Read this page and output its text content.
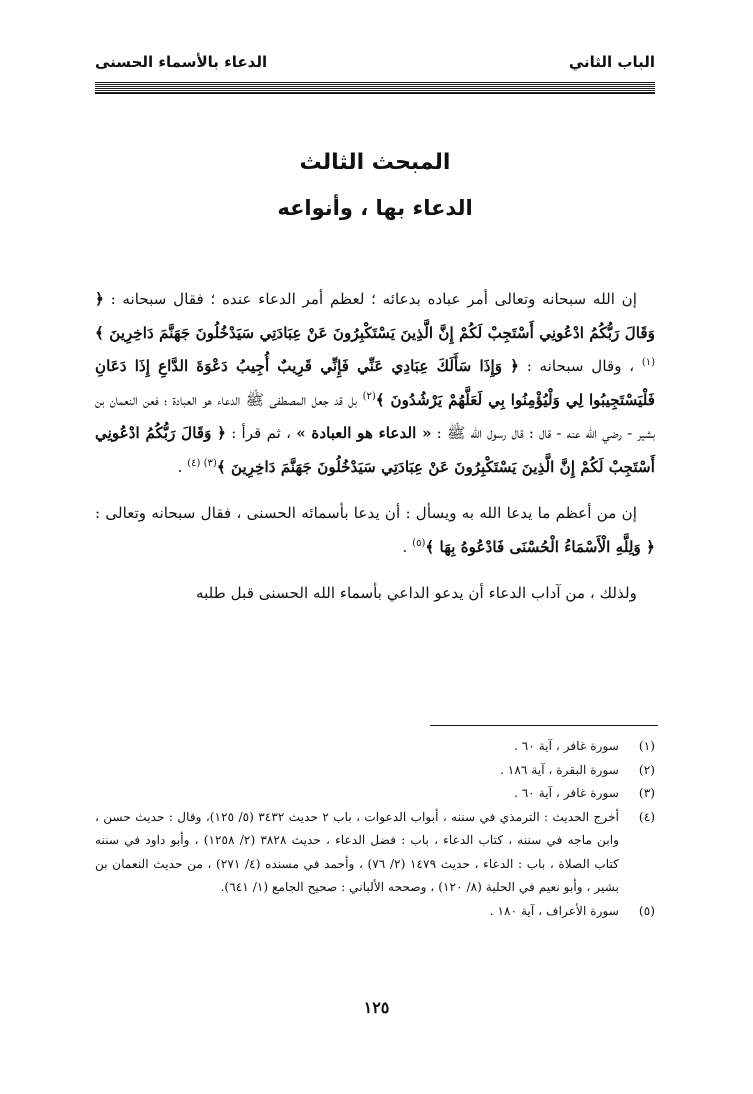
الباب الثاني
الدعاء بالأسماء الحسنى
المبحث الثالث
الدعاء بها ، وأنواعه

إن الله سبحانه وتعالى أمر عباده بدعائه ؛ لعظم أمر الدعاء عنده ؛ فقال سبحانه : ﴿ وَقَالَ رَبُّكُمُ ادْعُونِي أَسْتَجِبْ لَكُمْ إِنَّ الَّذِينَ يَسْتَكْبِرُونَ عَنْ عِبَادَتِي سَيَدْخُلُونَ جَهَنَّمَ دَاخِرِينَ ﴾$^{(١)}$ ، وقال سبحانه : ﴿ وَإِذَا سَأَلَكَ عِبَادِي عَنِّي فَإِنِّي قَرِيبٌ أُجِيبُ دَعْوَةَ الدَّاعِ إِذَا دَعَانِ فَلْيَسْتَجِيبُوا لِي وَلْيُؤْمِنُوا بِي لَعَلَّهُمْ يَرْشُدُونَ ﴾$^{(٢)}$ بل قد جعل المصطفى ﷺ الدعاء هو العبادة ؛ فعن النعمان بن بشير - رضي الله عنه - قال : قال رسول الله ﷺ : « الدعاء هو العبادة » ، ثم قرأ : ﴿ وَقَالَ رَبُّكُمُ ادْعُونِي أَسْتَجِبْ لَكُمْ إِنَّ الَّذِينَ يَسْتَكْبِرُونَ عَنْ عِبَادَتِي سَيَدْخُلُونَ جَهَنَّمَ دَاخِرِينَ ﴾$^{(٣) (٤)}$ .

إن من أعظم ما يدعا الله به ويسأل : أن يدعا بأسمائه الحسنى ، فقال سبحانه وتعالى : ﴿ وَلِلَّهِ الْأَسْمَاءُ الْحُسْنَى فَادْعُوهُ بِهَا ﴾$^{(٥)}$ .

ولذلك ، من آداب الدعاء أن يدعو الداعي بأسماء الله الحسنى قبل طلبه

(١)
سورة غافر ، آية ٦٠ .
(٢)
سورة البقرة ، آية ١٨٦ .
(٣)
سورة غافر ، آية ٦٠ .
(٤)
أخرج الحديث : الترمذي في سننه ، أبواب الدعوات ، باب ٢ حديث ٣٤٣٢ (٥/ ١٢٥)، وقال : حديث حسن ، وابن ماجه في سننه ، كتاب الدعاء ، باب : فضل الدعاء ، حديث ٣٨٢٨ (٢/ ١٢٥٨) ، وأبو داود في سننه كتاب الصلاة ، باب : الدعاء ، حديث ١٤٧٩ (٢/ ٧٦) ، وأحمد في مسنده (٤/ ٢٧١) ، من حديث النعمان بن بشير ، وأبو نعيم في الحلية (٨/ ١٢٠) ، وصححه الألباني : صحيح الجامع (١/ ٦٤١).
(٥)
سورة الأعراف ، آية ١٨٠ .
١٢٥
